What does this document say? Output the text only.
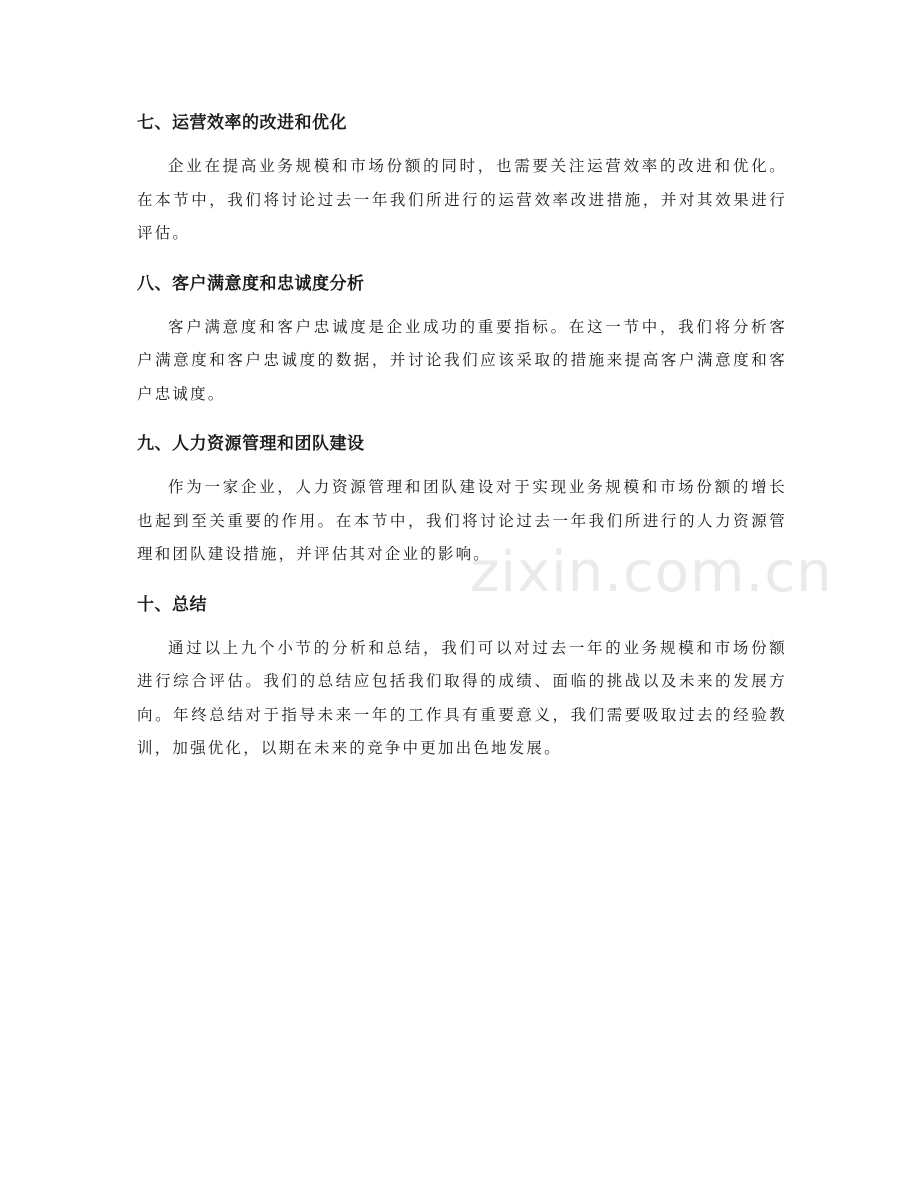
七、运营效率的改进和优化

企业在提高业务规模和市场份额的同时，也需要关注运营效率的改进和优化。在本节中，我们将讨论过去一年我们所进行的运营效率改进措施，并对其效果进行评估。

八、客户满意度和忠诚度分析

客户满意度和客户忠诚度是企业成功的重要指标。在这一节中，我们将分析客户满意度和客户忠诚度的数据，并讨论我们应该采取的措施来提高客户满意度和客户忠诚度。

九、人力资源管理和团队建设

作为一家企业，人力资源管理和团队建设对于实现业务规模和市场份额的增长也起到至关重要的作用。在本节中，我们将讨论过去一年我们所进行的人力资源管理和团队建设措施，并评估其对企业的影响。

十、总结

通过以上九个小节的分析和总结，我们可以对过去一年的业务规模和市场份额进行综合评估。我们的总结应包括我们取得的成绩、面临的挑战以及未来的发展方向。年终总结对于指导未来一年的工作具有重要意义，我们需要吸取过去的经验教训，加强优化，以期在未来的竞争中更加出色地发展。

zixin.com.cn
